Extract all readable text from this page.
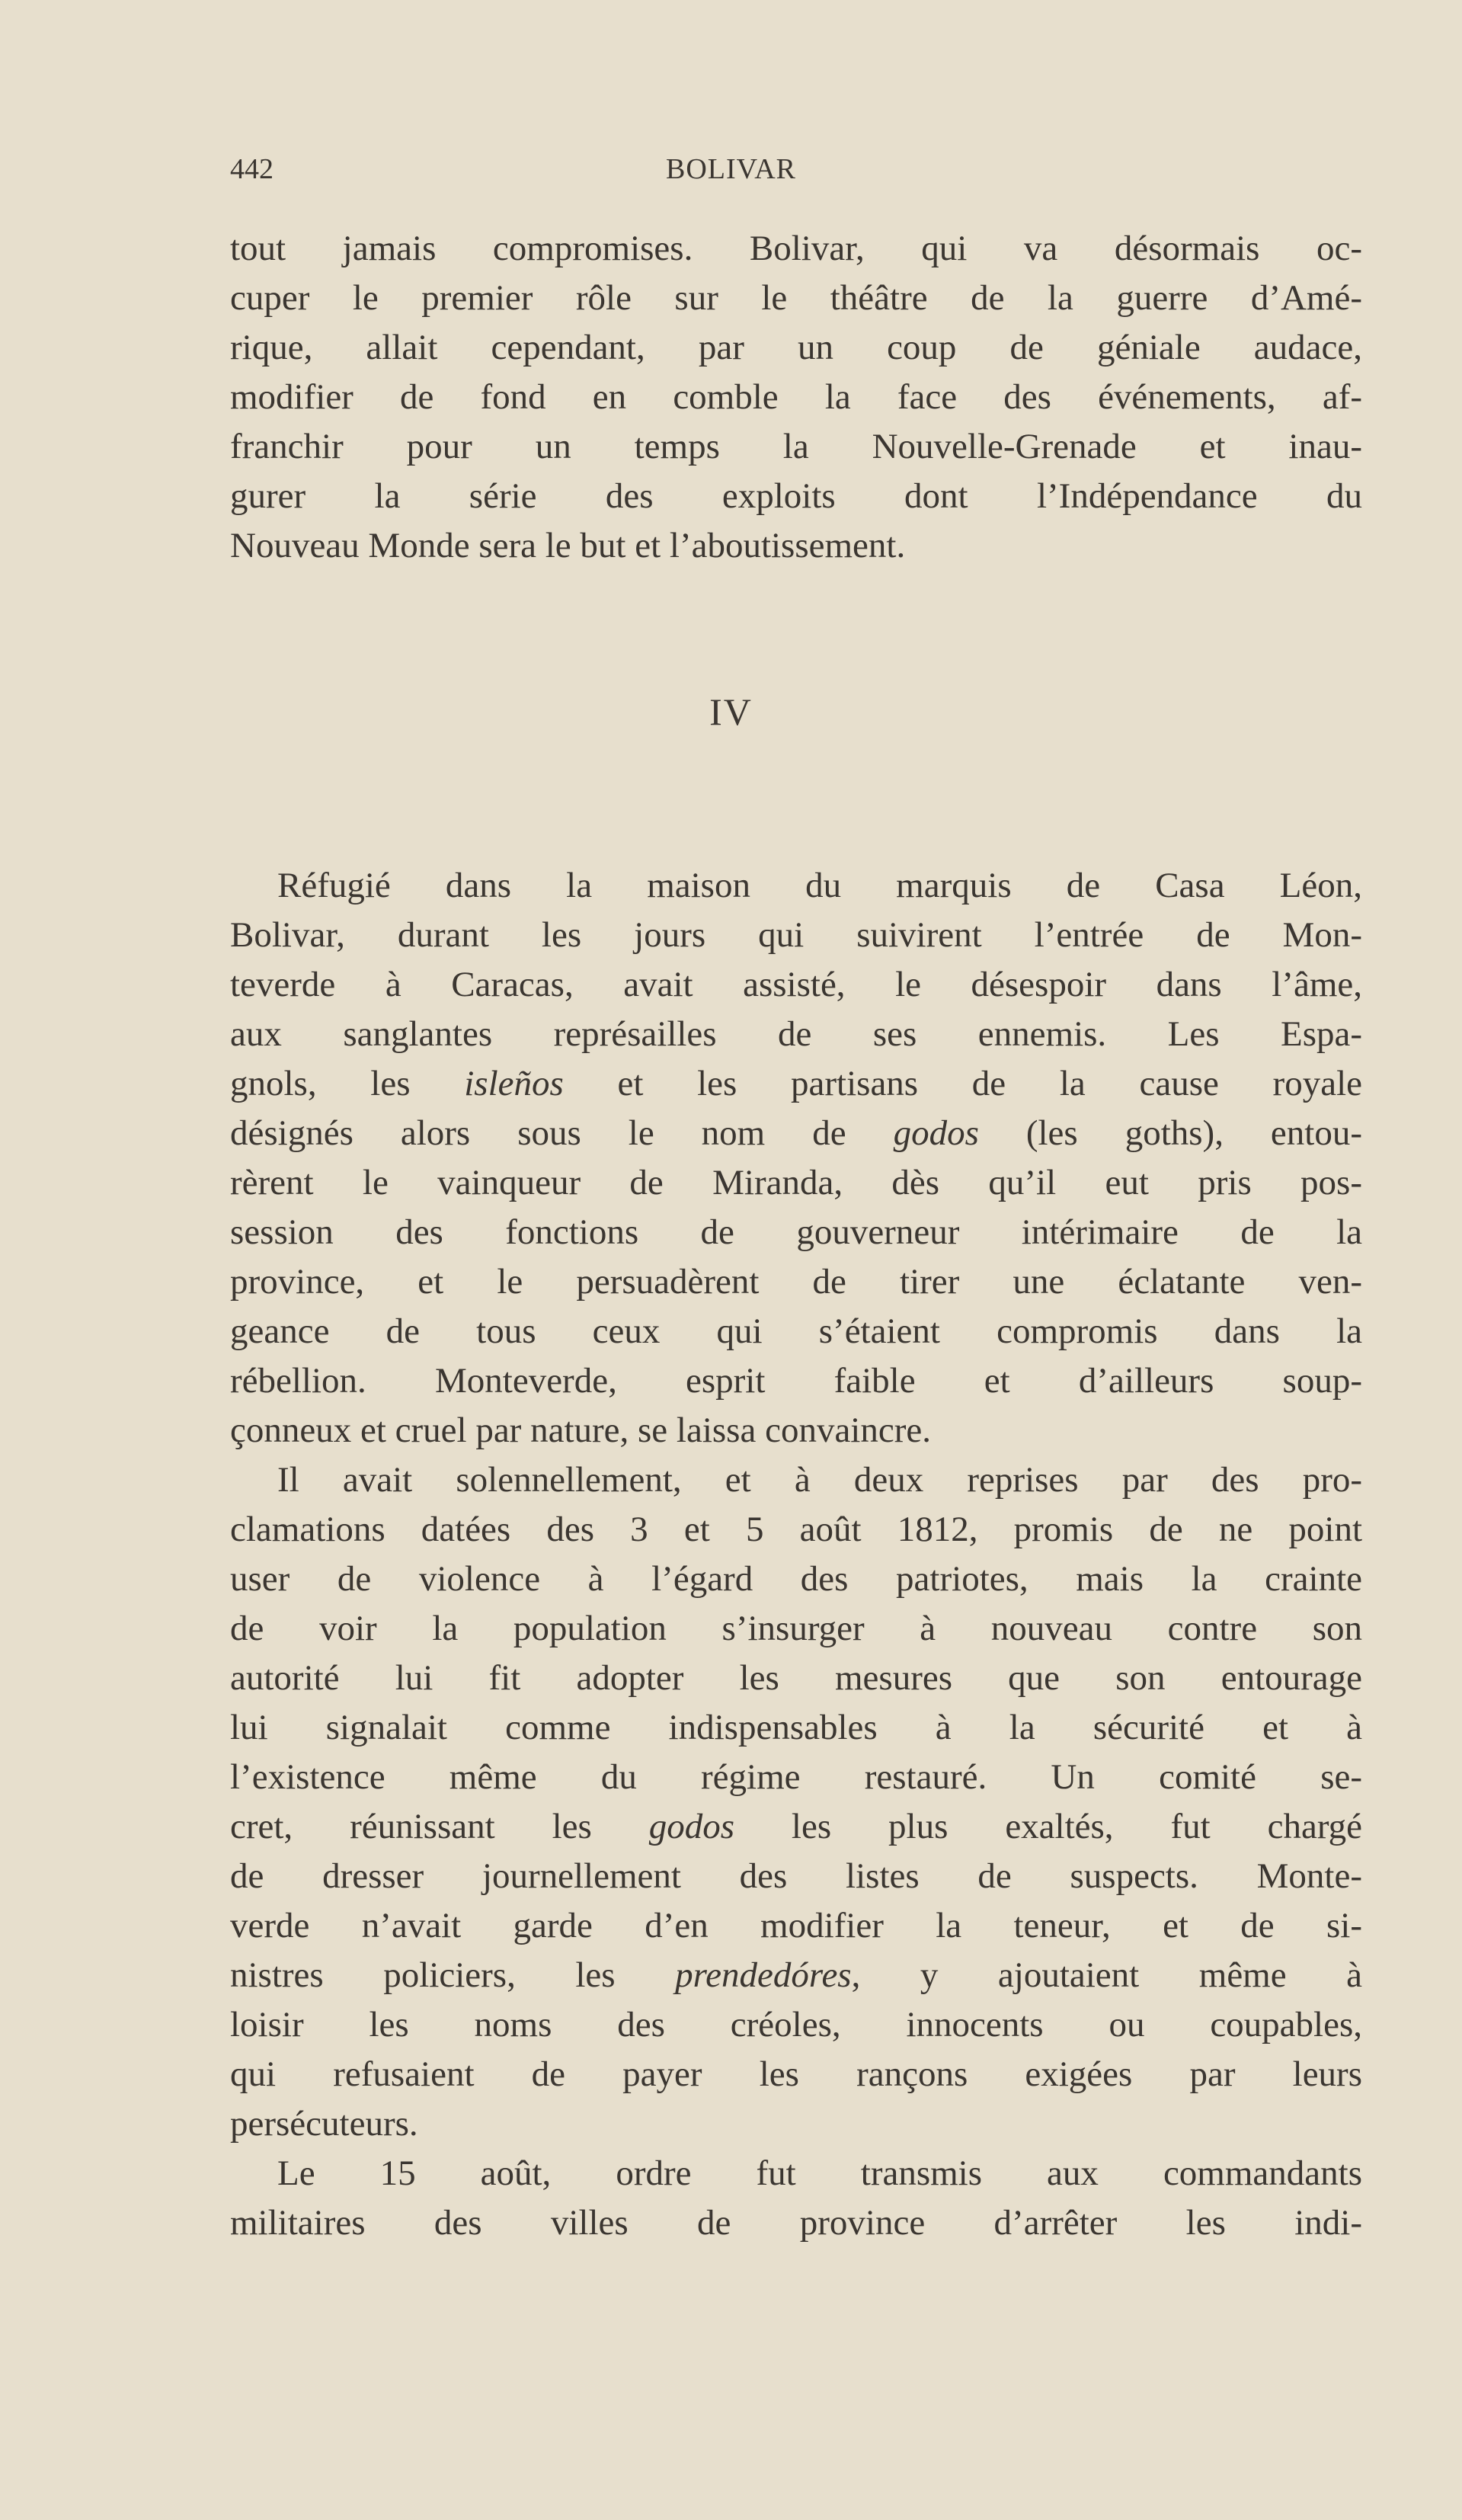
442	BOLIVAR
tout jamais compromises. Bolivar, qui va désormais oc-
cuper le premier rôle sur le théâtre de la guerre d’Amé-
rique, allait cependant, par un coup de géniale audace,
modifier de fond en comble la face des événements, af-
franchir pour un temps la Nouvelle-Grenade et inau-
gurer la série des exploits dont l’Indépendance du
Nouveau Monde sera le but et l’aboutissement.
IV
Réfugié dans la maison du marquis de Casa Léon,
Bolivar, durant les jours qui suivirent l’entrée de Mon-
teverde à Caracas, avait assisté, le désespoir dans l’âme,
aux sanglantes représailles de ses ennemis. Les Espa-
gnols, les isleños et les partisans de la cause royale
désignés alors sous le nom de godos (les goths), entou-
rèrent le vainqueur de Miranda, dès qu’il eut pris pos-
session des fonctions de gouverneur intérimaire de la
province, et le persuadèrent de tirer une éclatante ven-
geance de tous ceux qui s’étaient compromis dans la
rébellion. Monteverde, esprit faible et d’ailleurs soup-
çonneux et cruel par nature, se laissa convaincre.
Il avait solennellement, et à deux reprises par des pro-
clamations datées des 3 et 5 août 1812, promis de ne point
user de violence à l’égard des patriotes, mais la crainte
de voir la population s’insurger à nouveau contre son
autorité lui fit adopter les mesures que son entourage
lui signalait comme indispensables à la sécurité et à
l’existence même du régime restauré. Un comité se-
cret, réunissant les godos les plus exaltés, fut chargé
de dresser journellement des listes de suspects. Monte-
verde n’avait garde d’en modifier la teneur, et de si-
nistres policiers, les prendedóres, y ajoutaient même à
loisir les noms des créoles, innocents ou coupables,
qui refusaient de payer les rançons exigées par leurs
persécuteurs.
Le 15 août, ordre fut transmis aux commandants
militaires des villes de province d’arrêter les indi-
